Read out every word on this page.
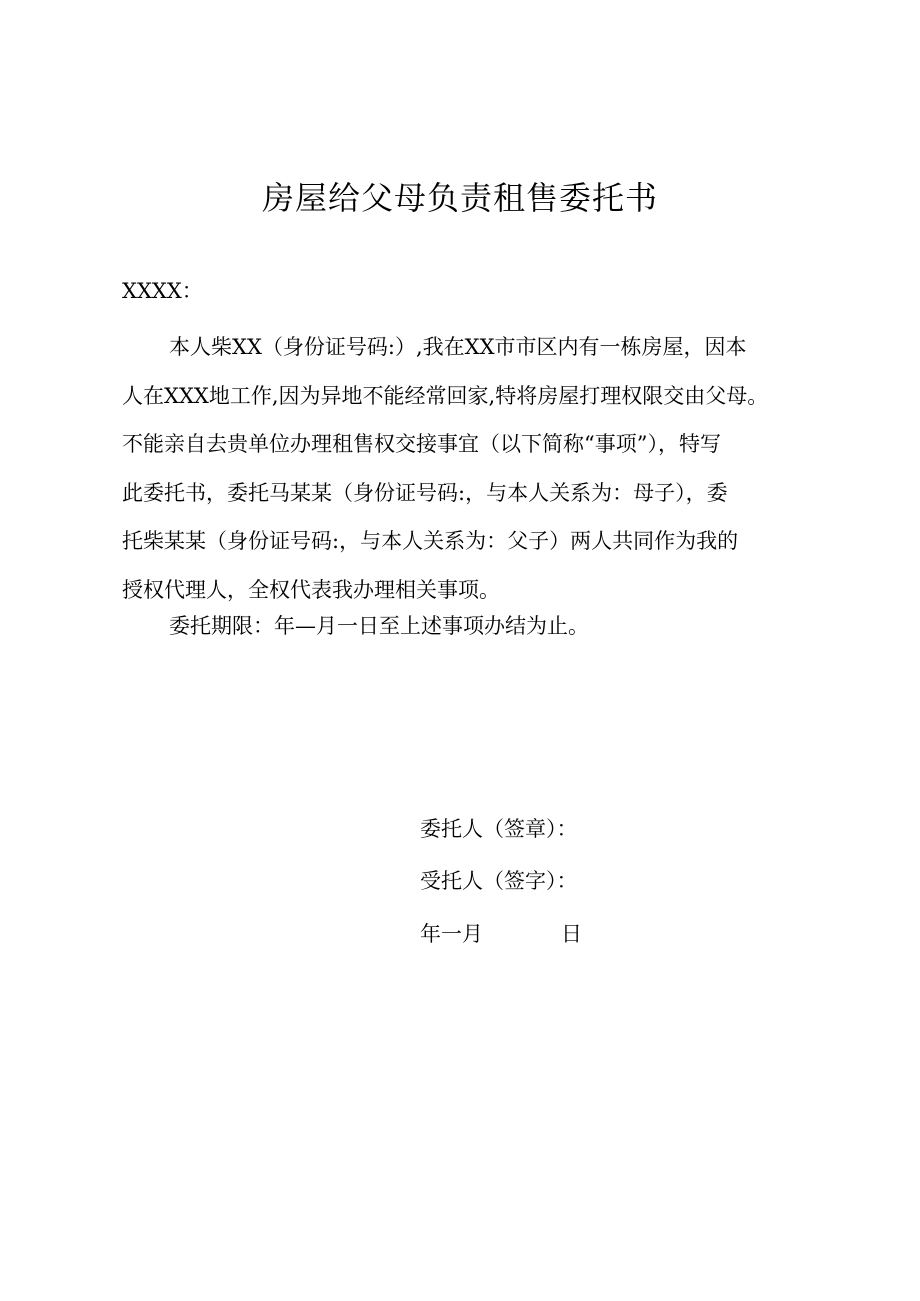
房屋给父母负责租售委托书

XXXX：

本人柴XX（身份证号码:）,我在XX市市区内有一栋房屋，因本
人在XXX地工作,因为异地不能经常回家,特将房屋打理权限交由父母。
不能亲自去贵单位办理租售权交接事宜（以下简称“事项”），特写
此委托书，委托马某某（身份证号码:，与本人关系为：母子），委
托柴某某（身份证号码:，与本人关系为：父子）两人共同作为我的
授权代理人，全权代表我办理相关事项。

委托期限：年—月一日至上述事项办结为止。

委托人（签章）：

受托人（签字）：

年一月	日
